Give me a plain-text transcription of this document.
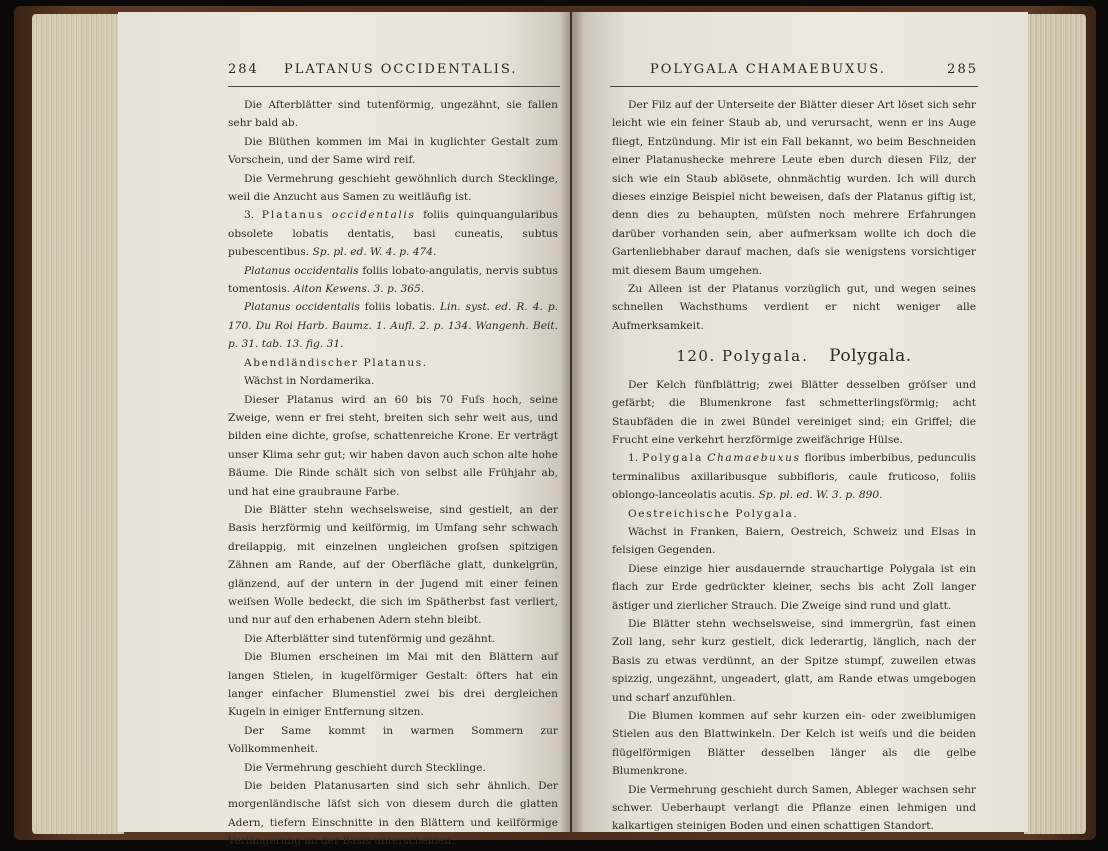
284 PLATANUS OCCIDENTALIS.

Die Afterblätter sind tutenförmig, ungezähnt, sie fallen sehr bald ab.

Die Blüthen kommen im Mai in kuglichter Gestalt zum Vorschein, und der Same wird reif.

Die Vermehrung geschieht gewöhnlich durch Stecklinge, weil die Anzucht aus Samen zu weitläufig ist.

3. Platanus occidentalis foliis quinquangularibus obsolete lobatis dentatis, basi cuneatis, subtus pubescentibus. Sp. pl. ed. W. 4. p. 474.

Platanus occidentalis foliis lobato-angulatis, nervis subtus tomentosis. Aiton Kewens. 3. p. 365.

Platanus occidentalis foliis lobatis. Lin. syst. ed. R. 4. p. 170. Du Roi Harb. Baumz. 1. Aufl. 2. p. 134. Wangenh. Beit. p. 31. tab. 13. fig. 31.

Abendländischer Platanus.

Wächst in Nordamerika.

Dieser Platanus wird an 60 bis 70 Fuſs hoch, seine Zweige, wenn er frei steht, breiten sich sehr weit aus, und bilden eine dichte, groſse, schattenreiche Krone. Er verträgt unser Klima sehr gut; wir haben davon auch schon alte hohe Bäume. Die Rinde schält sich von selbst alle Frühjahr ab, und hat eine graubraune Farbe.

Die Blätter stehn wechselsweise, sind gestielt, an der Basis herzförmig und keilförmig, im Umfang sehr schwach dreilappig, mit einzelnen ungleichen groſsen spitzigen Zähnen am Rande, auf der Oberfläche glatt, dunkelgrün, glänzend, auf der untern in der Jugend mit einer feinen weiſsen Wolle bedeckt, die sich im Spätherbst fast verliert, und nur auf den erhabenen Adern stehn bleibt.

Die Afterblätter sind tutenförmig und gezähnt.

Die Blumen erscheinen im Mai mit den Blättern auf langen Stielen, in kugelförmiger Gestalt: öfters hat ein langer einfacher Blumenstiel zwei bis drei dergleichen Kugeln in einiger Entfernung sitzen.

Der Same kommt in warmen Sommern zur Vollkommenheit.

Die Vermehrung geschieht durch Stecklinge.

Die beiden Platanusarten sind sich sehr ähnlich. Der morgenländische läſst sich von diesem durch die glatten Adern, tiefern Einschnitte in den Blättern und keilförmige Verlängerung an der Basis unterscheiden.

POLYGALA CHAMAEBUXUS.	285

Der Filz auf der Unterseite der Blätter dieser Art löset sich sehr leicht wie ein feiner Staub ab, und verursacht, wenn er ins Auge fliegt, Entzündung. Mir ist ein Fall bekannt, wo beim Beschneiden einer Platanushecke mehrere Leute eben durch diesen Filz, der sich wie ein Staub ablösete, ohnmächtig wurden. Ich will durch dieses einzige Beispiel nicht beweisen, daſs der Platanus giftig ist, denn dies zu behaupten, müſsten noch mehrere Erfahrungen darüber vorhanden sein, aber aufmerksam wollte ich doch die Gartenliebhaber darauf machen, daſs sie wenigstens vorsichtiger mit diesem Baum umgehen.

Zu Alleen ist der Platanus vorzüglich gut, und wegen seines schnellen Wachsthums verdient er nicht weniger alle Aufmerksamkeit.

120. Polygala. Polygala.

Der Kelch fünfblättrig; zwei Blätter desselben gröſser und gefärbt; die Blumenkrone fast schmetterlingsförmig; acht Staubfäden die in zwei Bündel vereiniget sind; ein Griffel; die Frucht eine verkehrt herzförmige zweifächrige Hülse.

1. Polygala Chamaebuxus floribus imberbibus, pedunculis terminalibus axillaribusque subbifloris, caule fruticoso, foliis oblongo-lanceolatis acutis. Sp. pl. ed. W. 3. p. 890.

Oestreichische Polygala.

Wächst in Franken, Baiern, Oestreich, Schweiz und Elsas in felsigen Gegenden.

Diese einzige hier ausdauernde strauchartige Polygala ist ein flach zur Erde gedrückter kleiner, sechs bis acht Zoll langer ästiger und zierlicher Strauch. Die Zweige sind rund und glatt.

Die Blätter stehn wechselsweise, sind immergrün, fast einen Zoll lang, sehr kurz gestielt, dick lederartig, länglich, nach der Basis zu etwas verdünnt, an der Spitze stumpf, zuweilen etwas spizzig, ungezähnt, ungeadert, glatt, am Rande etwas umgebogen und scharf anzufühlen.

Die Blumen kommen auf sehr kurzen ein- oder zweiblumigen Stielen aus den Blattwinkeln. Der Kelch ist weiſs und die beiden flügelförmigen Blätter desselben länger als die gelbe Blumenkrone.

Die Vermehrung geschieht durch Samen, Ableger wachsen sehr schwer. Ueberhaupt verlangt die Pflanze einen lehmigen und kalkartigen steinigen Boden und einen schattigen Standort.
